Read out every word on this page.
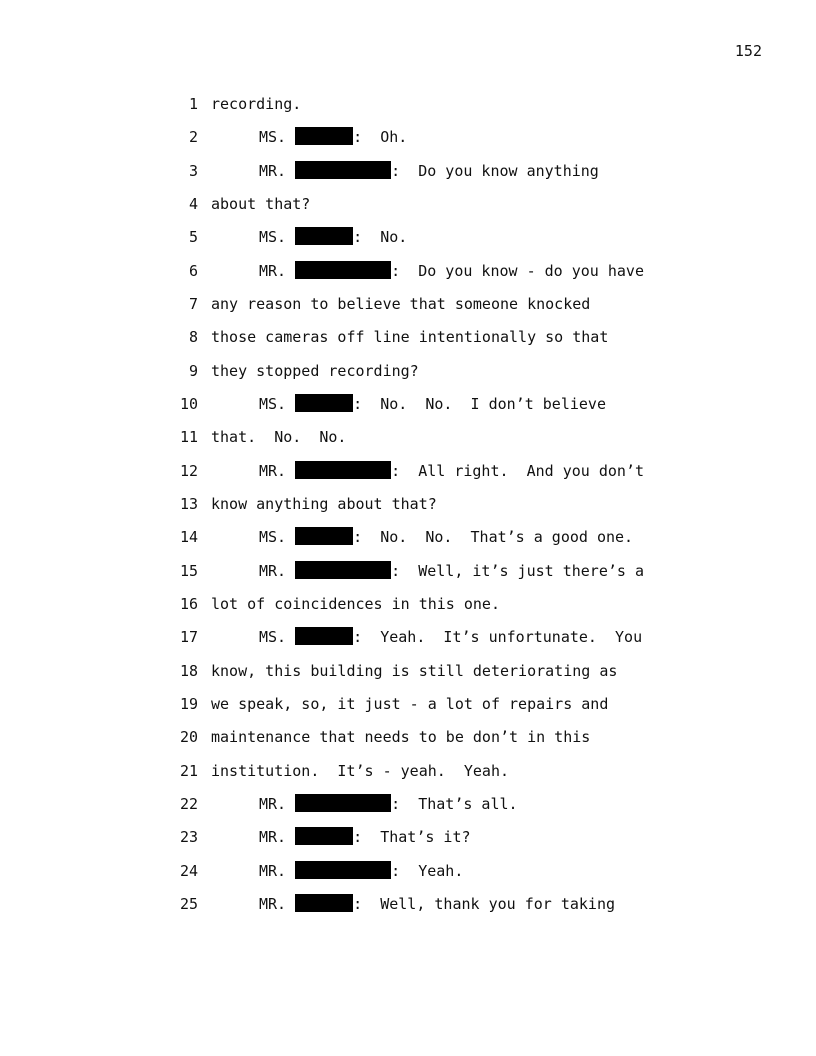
152
1 recording.
2	MS.	:  Oh.
3	MR.	:  Do you know anything
4 about that?
5	MS.	:  No.
6	MR.	:  Do you know - do you have
7 any reason to believe that someone knocked
8 those cameras off line intentionally so that
9 they stopped recording?
10	MS.	:  No.  No.  I don’t believe
11 that.  No.  No.
12	MR.	:  All right.  And you don’t
13 know anything about that?
14	MS.	:  No.  No.  That’s a good one.
15	MR.	:  Well, it’s just there’s a
16 lot of coincidences in this one.
17	MS.	:  Yeah.  It’s unfortunate.  You
18 know, this building is still deteriorating as
19 we speak, so, it just - a lot of repairs and
20 maintenance that needs to be don’t in this
21 institution.  It’s - yeah.  Yeah.
22	MR.	:  That’s all.
23	MR.	:  That’s it?
24	MR.	:  Yeah.
25	MR.	:  Well, thank you for taking
